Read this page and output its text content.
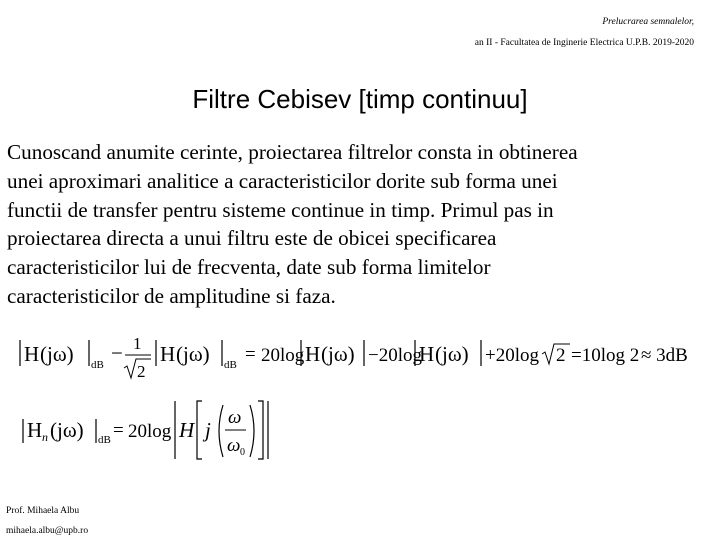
Prelucrarea semnalelor,
an II - Facultatea de Inginerie Electrica U.P.B. 2019-2020
Filtre Cebisev [timp continuu]
Cunoscand anumite cerinte, proiectarea filtrelor consta in obtinerea
unei aproximari analitice a caracteristicilor dorite sub forma unei
functii de transfer pentru sisteme continue in timp. Primul pas in
proiectarea directa a unui filtru este de obicei specificarea
caracteristicilor lui de frecventa, date sub forma limitelor
caracteristicilor de amplitudine si faza.
H (jω) dB − 1
2
H (jω) dB = 20log H (jω) −20log
H (jω) +20log 2 =10log 2 ≈ 3dB
H n (jω) dB = 20log H j
ω
ω 0
Prof. Mihaela Albu
mihaela.albu@upb.ro
